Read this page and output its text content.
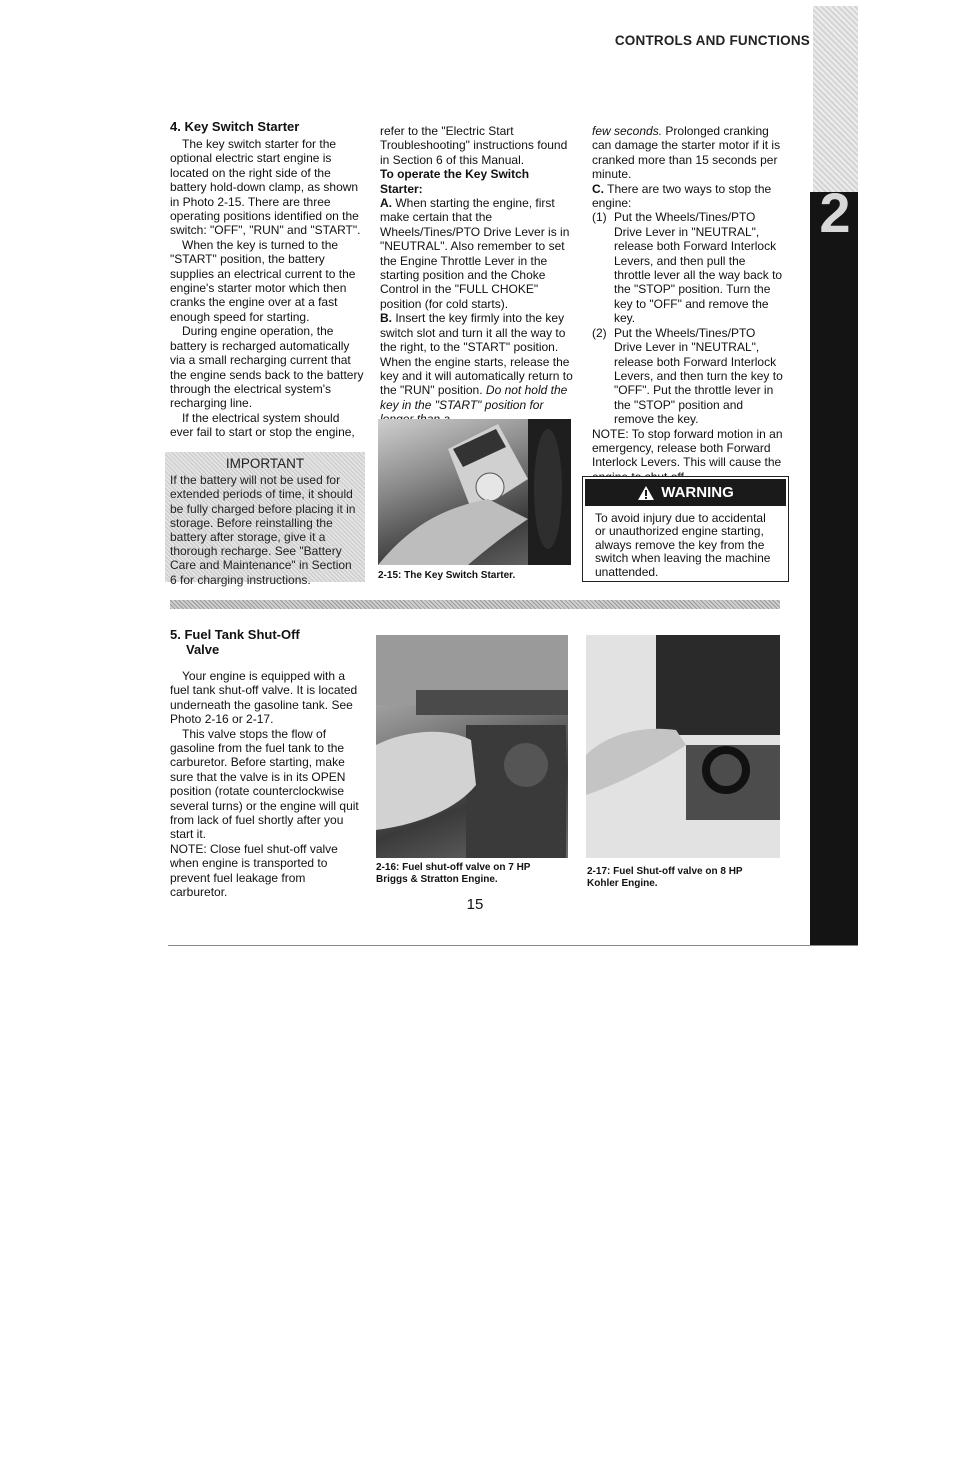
CONTROLS AND FUNCTIONS
2
4. Key Switch Starter

The key switch starter for the optional electric start engine is located on the right side of the battery hold-down clamp, as shown in Photo 2-15. There are three operating positions identified on the switch: "OFF", "RUN" and "START".

When the key is turned to the "START" position, the battery supplies an electrical current to the engine's starter motor which then cranks the engine over at a fast enough speed for starting.

During engine operation, the battery is recharged automatically via a small recharging current that the engine sends back to the battery through the electrical system's recharging line.

If the electrical system should ever fail to start or stop the engine,

IMPORTANT
If the battery will not be used for extended periods of time, it should be fully charged before placing it in storage. Before reinstalling the battery after storage, give it a thorough recharge. See "Battery Care and Maintenance" in Section 6 for charging instructions.

refer to the "Electric Start Troubleshooting" instructions found in Section 6 of this Manual.

To operate the Key Switch Starter:

A. When starting the engine, first make certain that the Wheels/Tines/PTO Drive Lever is in "NEUTRAL". Also remember to set the Engine Throttle Lever in the starting position and the Choke Control in the "FULL CHOKE" position (for cold starts).

B. Insert the key firmly into the key switch slot and turn it all the way to the right, to the "START" position. When the engine starts, release the key and it will automatically return to the "RUN" position. Do not hold the key in the "START" position for

2-15: The Key Switch Starter.

few seconds. Prolonged cranking can damage the starter motor if it is cranked more than 15 seconds per minute.

C. There are two ways to stop the engine:

(1) Put the Wheels/Tines/PTO Drive Lever in "NEUTRAL", release both Forward Interlock Levers, and then pull the throttle lever all the way back to the "STOP" position. Turn the key to "OFF" and remove the key.
(2) Put the Wheels/Tines/PTO Drive Lever in "NEUTRAL", release both Forward Interlock Levers, and then turn the key to "OFF". Put the throttle lever in the "STOP" position and remove the key.

NOTE: To stop forward motion in an emergency, release both Forward Interlock Levers. This will cause the

WARNING
To avoid injury due to accidental or unauthorized engine starting, always remove the key from the switch when leaving the machine unattended.
5. Fuel Tank Shut-Off
Valve

Your engine is equipped with a fuel tank shut-off valve. It is located underneath the gasoline tank. See Photo 2-16 or 2-17.

This valve stops the flow of gasoline from the fuel tank to the carburetor. Before starting, make sure that the valve is in its OPEN position (rotate counterclockwise several turns) or the engine will quit from lack of fuel shortly after you start it.

NOTE: Close fuel shut-off valve when engine is transported to prevent fuel leakage from carburetor.

2-16: Fuel shut-off valve on 7 HP
Briggs & Stratton Engine.
2-17: Fuel Shut-off valve on 8 HP
Kohler Engine.
15
